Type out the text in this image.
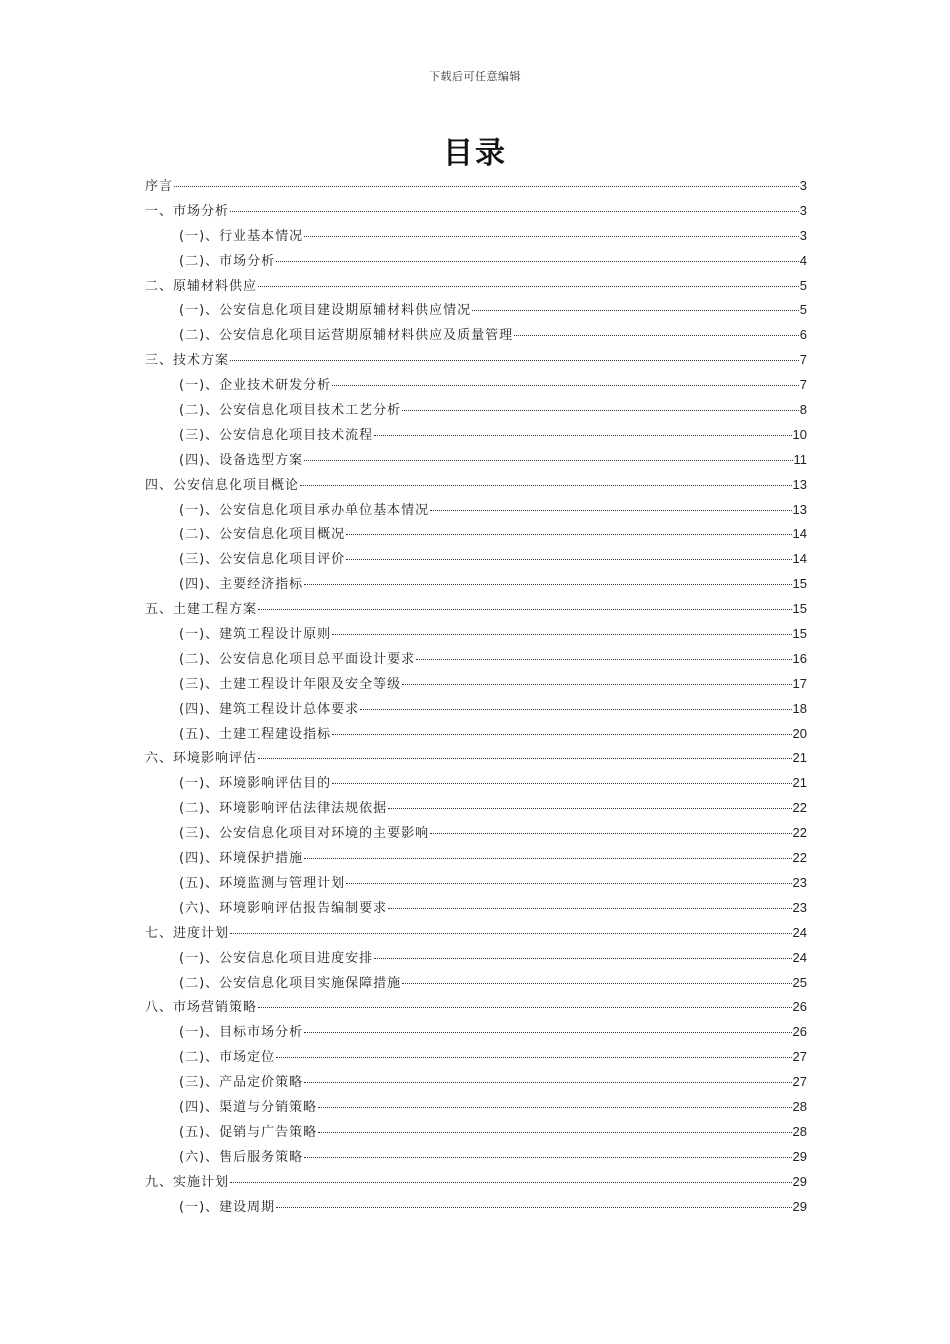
下载后可任意编辑
目录
序言	3
一、市场分析	3
(一)、行业基本情况	3
(二)、市场分析	4
二、原辅材料供应	5
(一)、公安信息化项目建设期原辅材料供应情况	5
(二)、公安信息化项目运营期原辅材料供应及质量管理	6
三、技术方案	7
(一)、企业技术研发分析	7
(二)、公安信息化项目技术工艺分析	8
(三)、公安信息化项目技术流程	10
(四)、设备选型方案	11
四、公安信息化项目概论	13
(一)、公安信息化项目承办单位基本情况	13
(二)、公安信息化项目概况	14
(三)、公安信息化项目评价	14
(四)、主要经济指标	15
五、土建工程方案	15
(一)、建筑工程设计原则	15
(二)、公安信息化项目总平面设计要求	16
(三)、土建工程设计年限及安全等级	17
(四)、建筑工程设计总体要求	18
(五)、土建工程建设指标	20
六、环境影响评估	21
(一)、环境影响评估目的	21
(二)、环境影响评估法律法规依据	22
(三)、公安信息化项目对环境的主要影响	22
(四)、环境保护措施	22
(五)、环境监测与管理计划	23
(六)、环境影响评估报告编制要求	23
七、进度计划	24
(一)、公安信息化项目进度安排	24
(二)、公安信息化项目实施保障措施	25
八、市场营销策略	26
(一)、目标市场分析	26
(二)、市场定位	27
(三)、产品定价策略	27
(四)、渠道与分销策略	28
(五)、促销与广告策略	28
(六)、售后服务策略	29
九、实施计划	29
(一)、建设周期	29
